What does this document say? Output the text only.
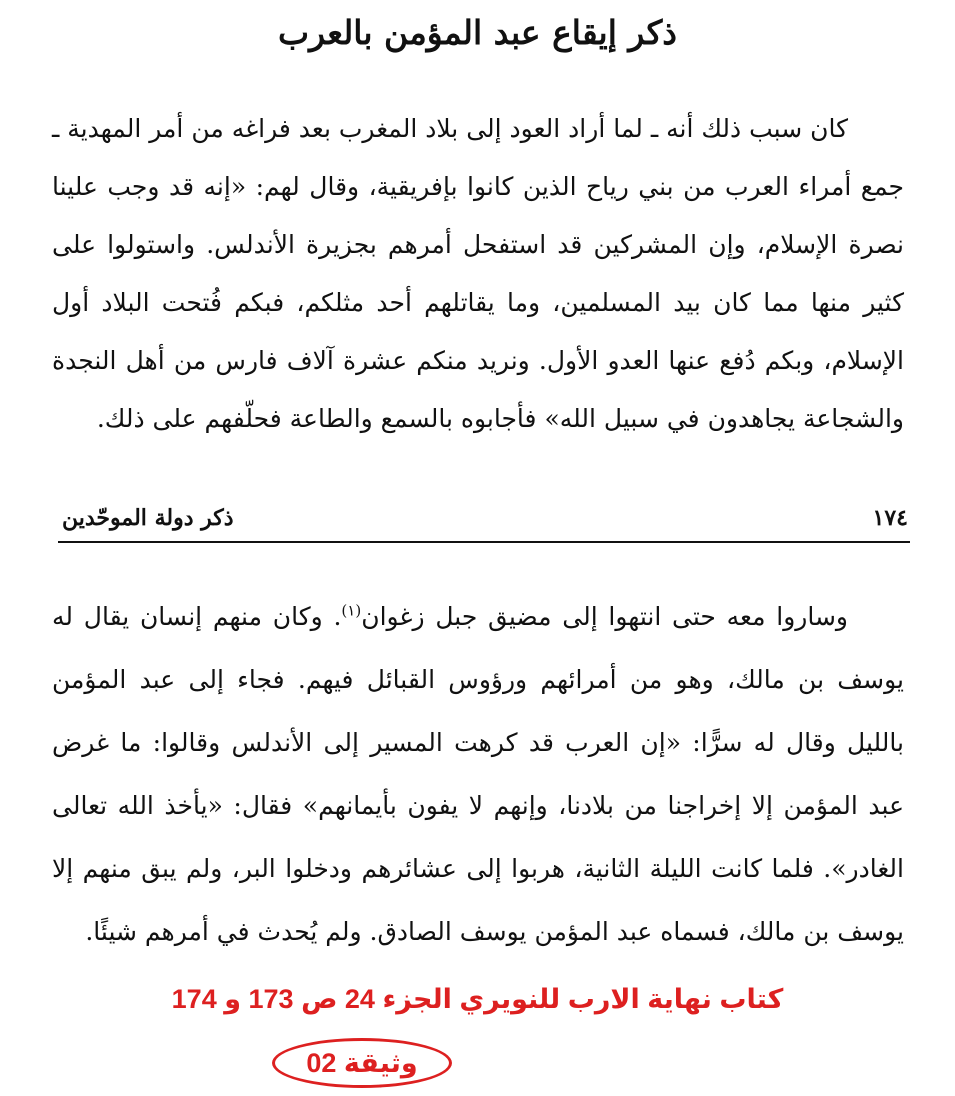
ذكر إيقاع عبد المؤمن بالعرب

كان سبب ذلك أنه ـ لما أراد العود إلى بلاد المغرب بعد فراغه من أمر المهدية ـ جمع أمراء العرب من بني رياح الذين كانوا بإفريقية، وقال لهم: «إنه قد وجب علينا نصرة الإسلام، وإن المشركين قد استفحل أمرهم بجزيرة الأندلس. واستولوا على كثير منها مما كان بيد المسلمين، وما يقاتلهم أحد مثلكم، فبكم فُتحت البلاد أول الإسلام، وبكم دُفع عنها العدو الأول. ونريد منكم عشرة آلاف فارس من أهل النجدة والشجاعة يجاهدون في سبيل الله» فأجابوه بالسمع والطاعة فحلّفهم على ذلك.

١٧٤
ذكر دولة الموحّدين

وساروا معه حتى انتهوا إلى مضيق جبل زغوان$^{(١)}$. وكان منهم إنسان يقال له يوسف بن مالك، وهو من أمرائهم ورؤوس القبائل فيهم. فجاء إلى عبد المؤمن بالليل وقال له سرًّا: «إن العرب قد كرهت المسير إلى الأندلس وقالوا: ما غرض عبد المؤمن إلا إخراجنا من بلادنا، وإنهم لا يفون بأيمانهم» فقال: «يأخذ الله تعالى الغادر». فلما كانت الليلة الثانية، هربوا إلى عشائرهم ودخلوا البر، ولم يبق منهم إلا يوسف بن مالك، فسماه عبد المؤمن يوسف الصادق. ولم يُحدث في أمرهم شيئًا.

كتاب نهاية الارب للنويري الجزء 24 ص 173 و 174

وثيقة 02
